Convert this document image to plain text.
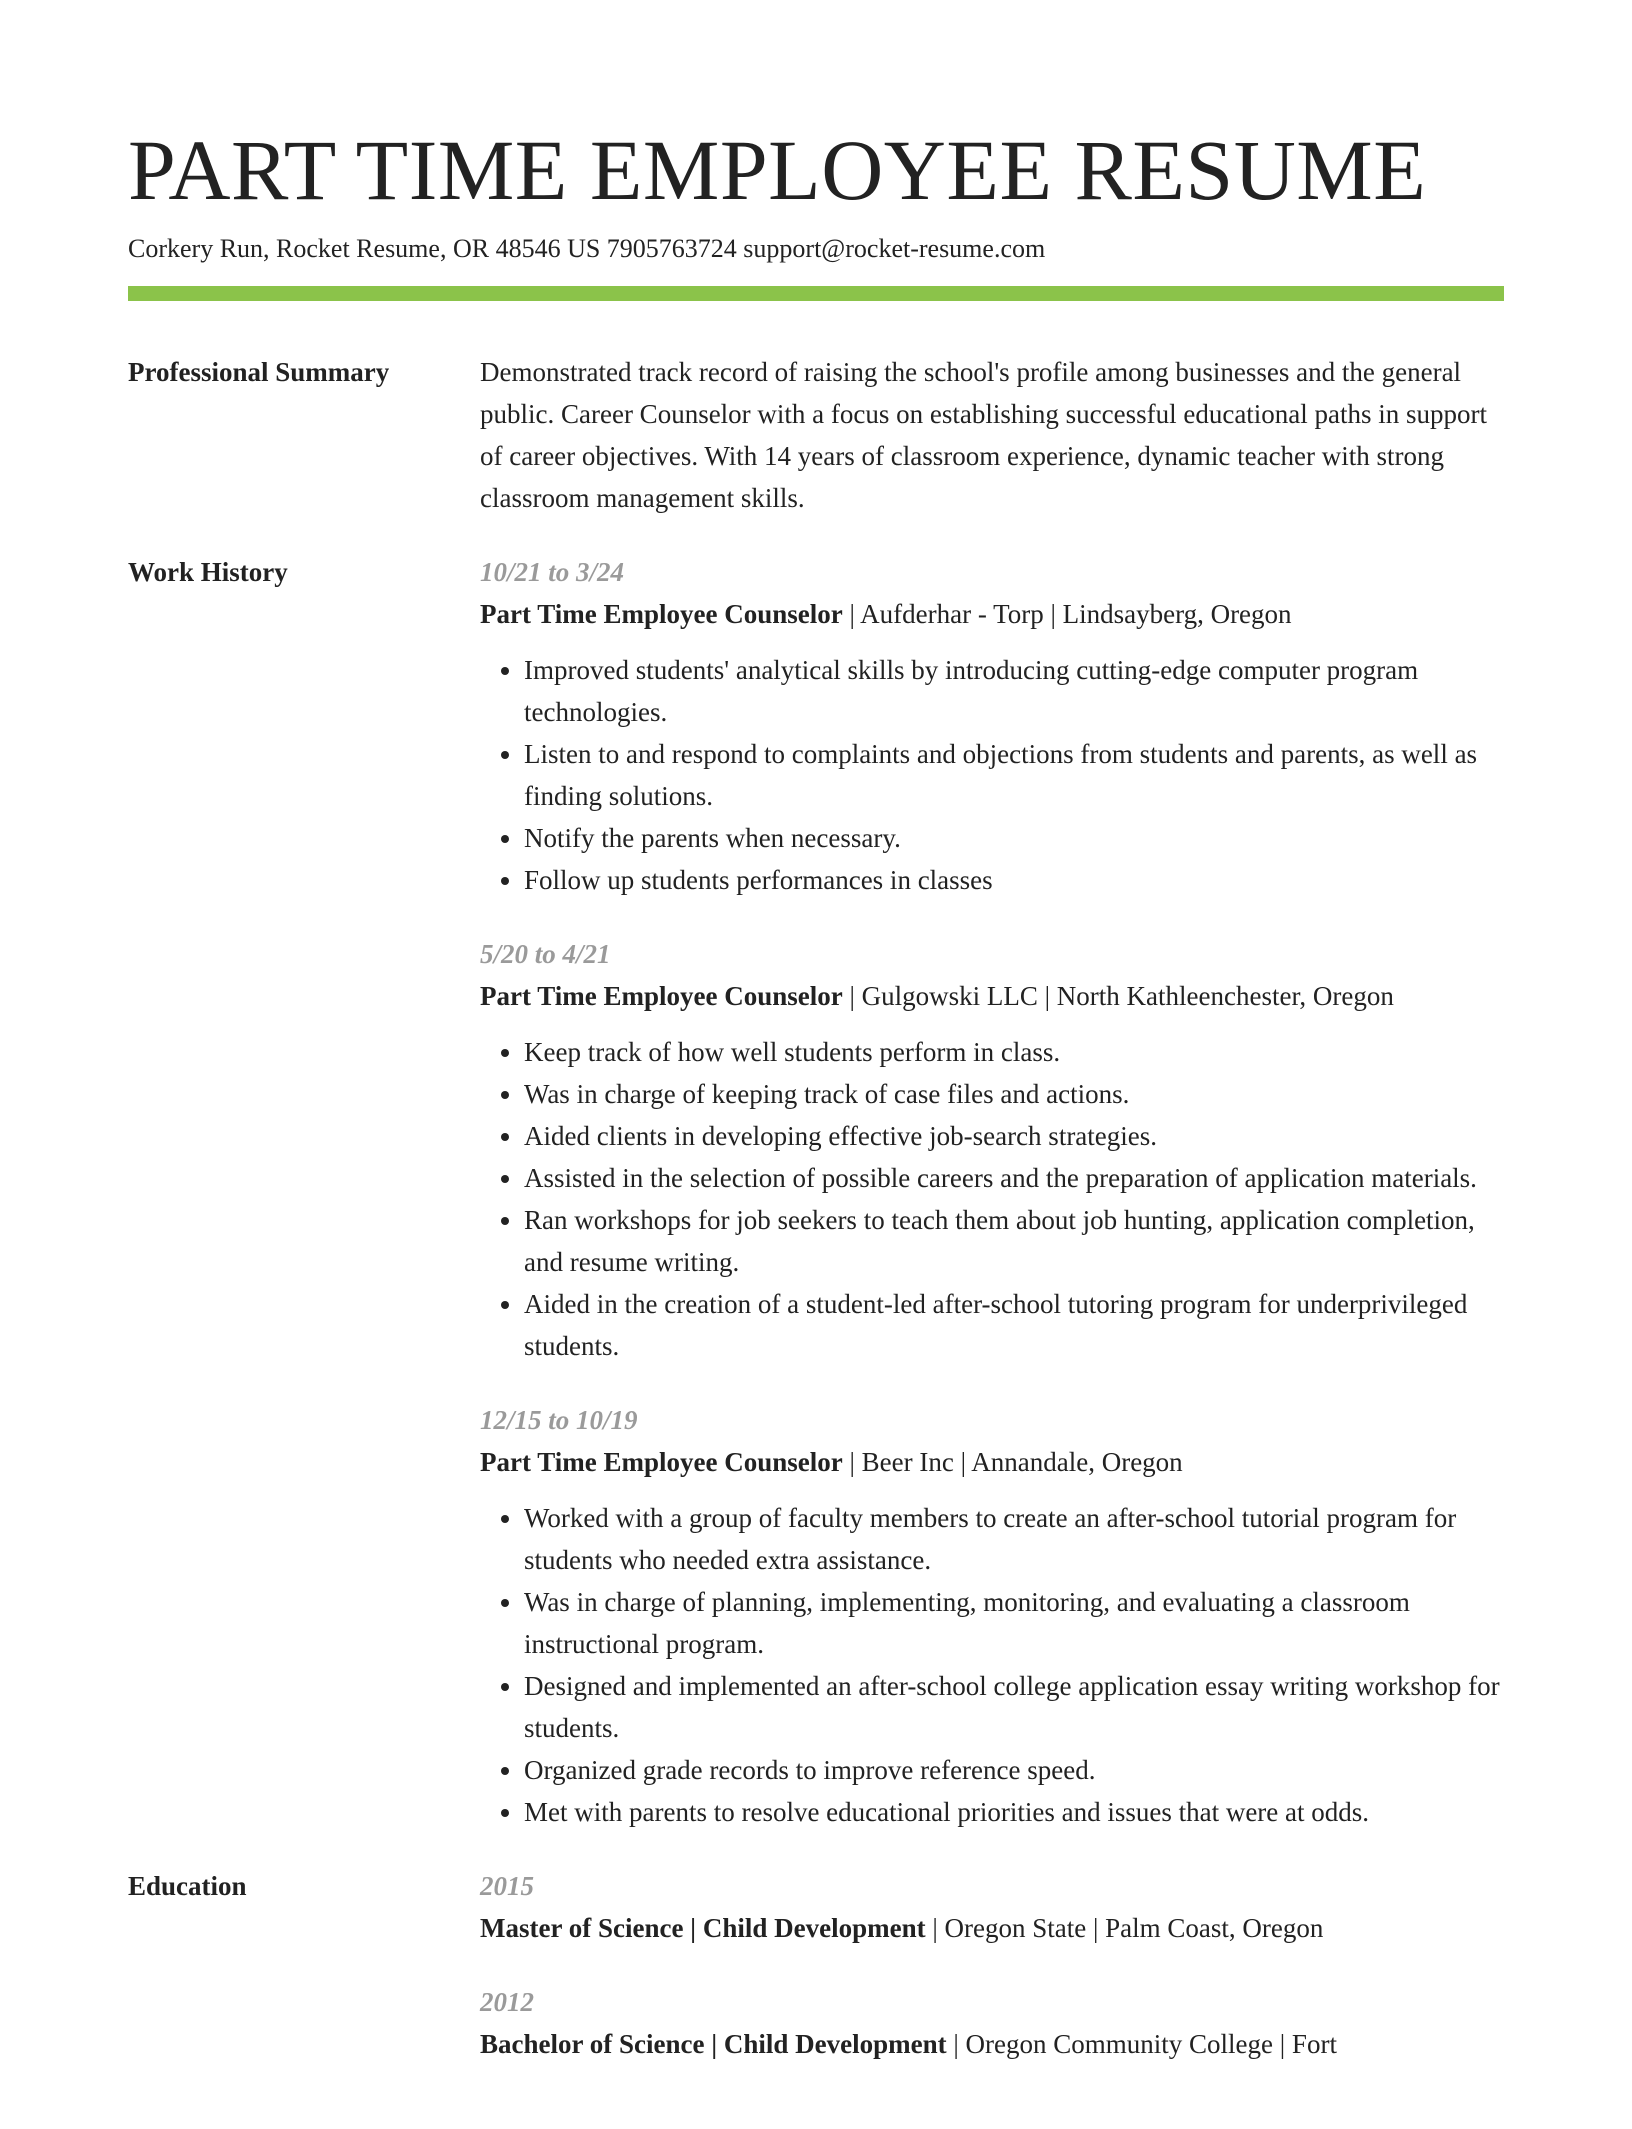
PART TIME EMPLOYEE RESUME
Corkery Run, Rocket Resume, OR 48546 US 7905763724 support@rocket-resume.com
Professional Summary	Demonstrated track record of raising the school's profile among businesses and the general public. Career Counselor with a focus on establishing successful educational paths in support of career objectives. With 14 years of classroom experience, dynamic teacher with strong classroom management skills.

Work History	10/21 to 3/24
Part Time Employee Counselor | Aufderhar - Torp | Lindsayberg, Oregon
• Improved students' analytical skills by introducing cutting-edge computer program technologies.
• Listen to and respond to complaints and objections from students and parents, as well as finding solutions.
• Notify the parents when necessary.
• Follow up students performances in classes
5/20 to 4/21
Part Time Employee Counselor | Gulgowski LLC | North Kathleenchester, Oregon
• Keep track of how well students perform in class.
• Was in charge of keeping track of case files and actions.
• Aided clients in developing effective job-search strategies.
• Assisted in the selection of possible careers and the preparation of application materials.
• Ran workshops for job seekers to teach them about job hunting, application completion, and resume writing.
• Aided in the creation of a student-led after-school tutoring program for underprivileged students.
12/15 to 10/19
Part Time Employee Counselor | Beer Inc | Annandale, Oregon
• Worked with a group of faculty members to create an after-school tutorial program for students who needed extra assistance.
• Was in charge of planning, implementing, monitoring, and evaluating a classroom instructional program.
• Designed and implemented an after-school college application essay writing workshop for students.
• Organized grade records to improve reference speed.
• Met with parents to resolve educational priorities and issues that were at odds.
Education	2015
Master of Science | Child Development | Oregon State | Palm Coast, Oregon
2012
Bachelor of Science | Child Development | Oregon Community College | Fort
